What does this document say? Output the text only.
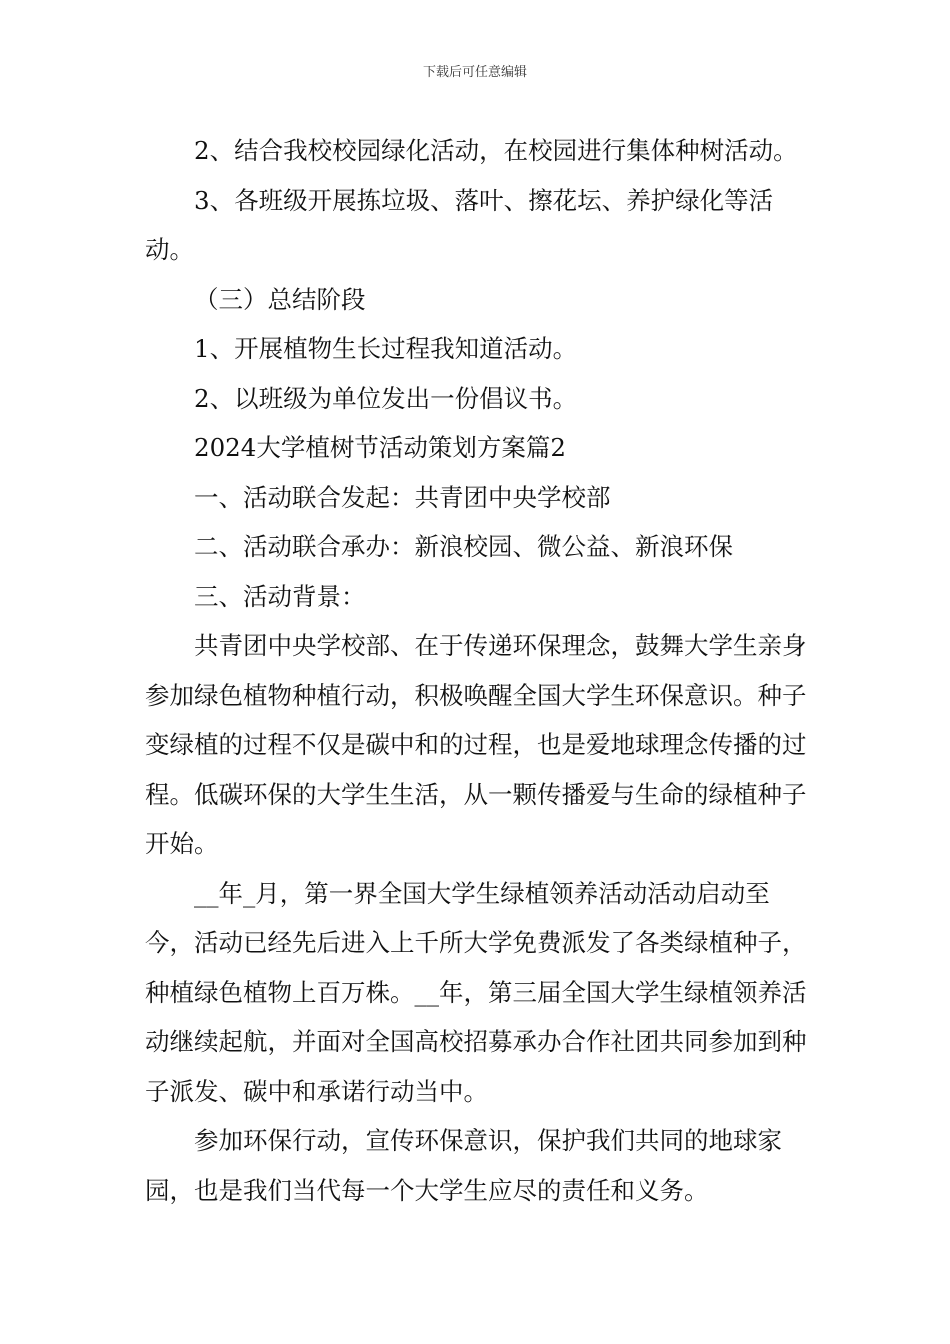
下载后可任意编辑

2、结合我校校园绿化活动，在校园进行集体种树活动。

3、各班级开展拣垃圾、落叶、擦花坛、养护绿化等活动。

（三）总结阶段

1、开展植物生长过程我知道活动。

2、以班级为单位发出一份倡议书。

2024大学植树节活动策划方案篇2

一、活动联合发起：共青团中央学校部

二、活动联合承办：新浪校园、微公益、新浪环保

三、活动背景：

共青团中央学校部、在于传递环保理念，鼓舞大学生亲身参加绿色植物种植行动，积极唤醒全国大学生环保意识。种子变绿植的过程不仅是碳中和的过程，也是爱地球理念传播的过程。低碳环保的大学生生活，从一颗传播爱与生命的绿植种子开始。

__年_月，第一界全国大学生绿植领养活动活动启动至今，活动已经先后进入上千所大学免费派发了各类绿植种子，种植绿色植物上百万株。__年，第三届全国大学生绿植领养活动继续起航，并面对全国高校招募承办合作社团共同参加到种子派发、碳中和承诺行动当中。

参加环保行动，宣传环保意识，保护我们共同的地球家园，也是我们当代每一个大学生应尽的责任和义务。
